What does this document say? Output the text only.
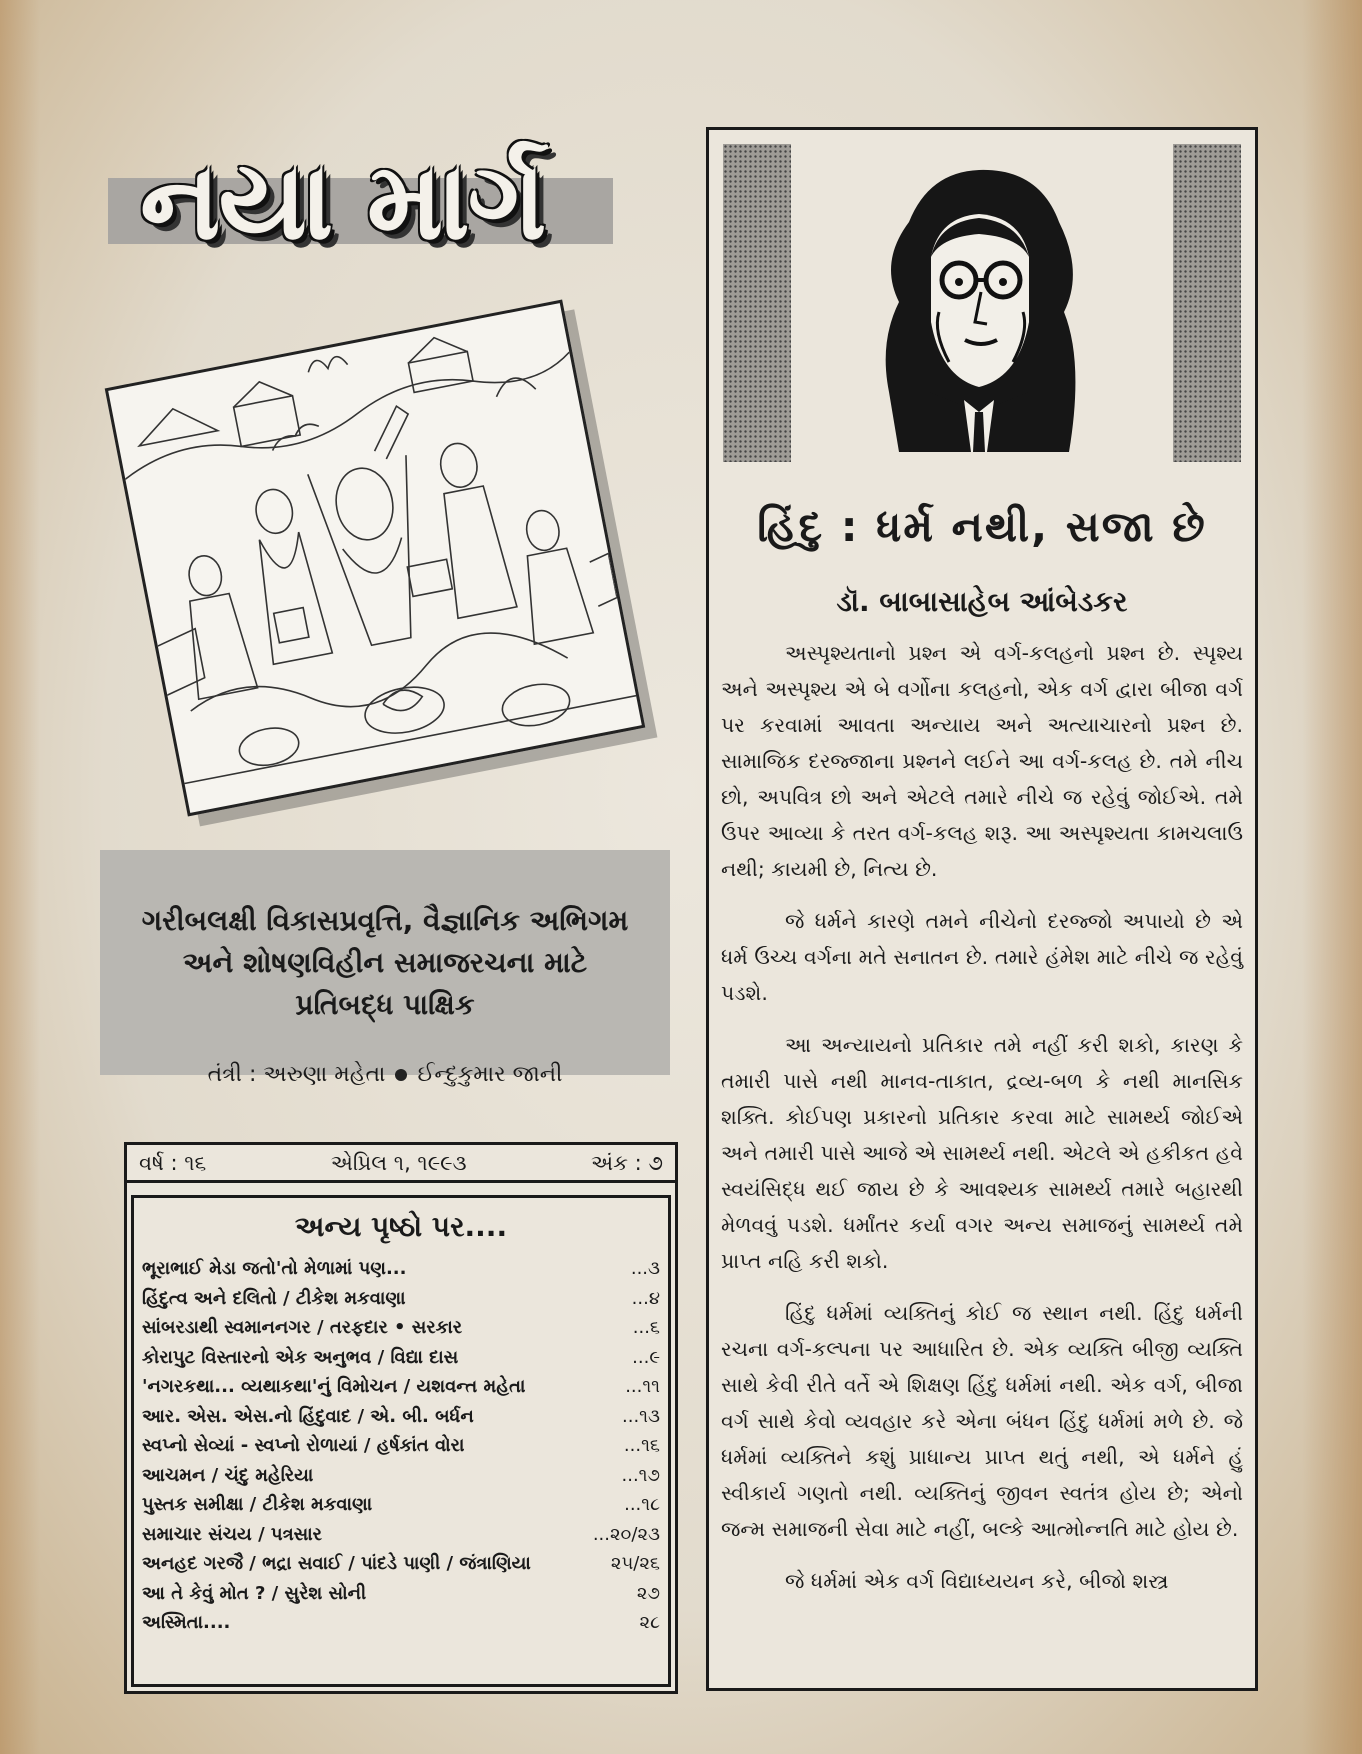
નયા માર્ગ
ગરીબલક્ષી વિકાસપ્રવૃત્તિ, વૈજ્ઞાનિક અભિગમ
અને શોષણવિહીન સમાજરચના માટે
પ્રતિબદ્ધ પાક્ષિક
તંત્રી : અરુણા મહેતા ઈન્દુકુમાર જાની
વર્ષ : ૧૬	એપ્રિલ ૧, ૧૯૯૩	અંક : ૭
અન્ય પૃષ્ઠો પર....
ભૂરાભાઈ મેડા જતો'તો મેળામાં પણ...	...૩
હિંદુત્વ અને દલિતો / ટીકેશ મકવાણા	...૪
સાંબરડાથી સ્વમાનનગર / તરફદાર • સરકાર	...૬
કોરાપુટ વિસ્તારનો એક અનુભવ / વિદ્યા દાસ	...૯
'નગરકથા... વ્યથાકથા'નું વિમોચન / યશવન્ત મહેતા	...૧૧
આર. એસ. એસ.નો હિંદુવાદ / એ. બી. બર્ધન	...૧૩
સ્વપ્નો સેવ્યાં - સ્વપ્નો રોળાયાં / હર્ષકાંત વોરા	...૧૬
આચમન / ચંદુ મહેરિયા	...૧૭
પુસ્તક સમીક્ષા / ટીકેશ મકવાણા	...૧૮
સમાચાર સંચય / પત્રસાર	...૨૦/૨૩
અનહદ ગરજૈ / ભદ્રા સવાઈ / પાંદડે પાણી / જંત્રાણિયા	૨૫/૨૬
આ તે કેવું મોત ? / સુરેશ સોની	૨૭
અસ્મિતા....	૨૮
હિંદુ : ધર્મ નથી, સજા છે
ડૉ. બાબાસાહેબ આંબેડકર

અસ્પૃશ્યતાનો પ્રશ્ન એ વર્ગ-કલહનો પ્રશ્ન છે. સ્પૃશ્ય અને અસ્પૃશ્ય એ બે વર્ગોના કલહનો, એક વર્ગ દ્વારા બીજા વર્ગ પર કરવામાં આવતા અન્યાય અને અત્યાચારનો પ્રશ્ન છે. સામાજિક દરજ્જાના પ્રશ્નને લઈને આ વર્ગ-કલહ છે. તમે નીચ છો, અપવિત્ર છો અને એટલે તમારે નીચે જ રહેવું જોઈએ. તમે ઉપર આવ્યા કે તરત વર્ગ-કલહ શરૂ. આ અસ્પૃશ્યતા કામચલાઉ નથી; કાયમી છે, નિત્ય છે.

જે ધર્મને કારણે તમને નીચેનો દરજ્જો અપાયો છે એ ધર્મ ઉચ્ચ વર્ગના મતે સનાતન છે. તમારે હંમેશ માટે નીચે જ રહેવું પડશે.

આ અન્યાયનો પ્રતિકાર તમે નહીં કરી શકો, કારણ કે તમારી પાસે નથી માનવ-તાકાત, દ્રવ્ય-બળ કે નથી માનસિક શક્તિ. કોઈપણ પ્રકારનો પ્રતિકાર કરવા માટે સામર્થ્ય જોઈએ અને તમારી પાસે આજે એ સામર્થ્ય નથી. એટલે એ હકીકત હવે સ્વયંસિદ્ધ થઈ જાય છે કે આવશ્યક સામર્થ્ય તમારે બહારથી મેળવવું પડશે. ધર્માંતર કર્યા વગર અન્ય સમાજનું સામર્થ્ય તમે પ્રાપ્ત નહિ કરી શકો.

હિંદુ ધર્મમાં વ્યક્તિનું કોઈ જ સ્થાન નથી. હિંદુ ધર્મની રચના વર્ગ-કલ્પના પર આધારિત છે. એક વ્યક્તિ બીજી વ્યક્તિ સાથે કેવી રીતે વર્તે એ શિક્ષણ હિંદુ ધર્મમાં નથી. એક વર્ગ, બીજા વર્ગ સાથે કેવો વ્યવહાર કરે એના બંધન હિંદુ ધર્મમાં મળે છે. જે ધર્મમાં વ્યક્તિને કશું પ્રાધાન્ય પ્રાપ્ત થતું નથી, એ ધર્મને હું સ્વીકાર્ય ગણતો નથી. વ્યક્તિનું જીવન સ્વતંત્ર હોય છે; એનો જન્મ સમાજની સેવા માટે નહીં, બલ્કે આત્મોન્નતિ માટે હોય છે.

જે ધર્મમાં એક વર્ગ વિદ્યાધ્યયન કરે, બીજો શસ્ત્ર
